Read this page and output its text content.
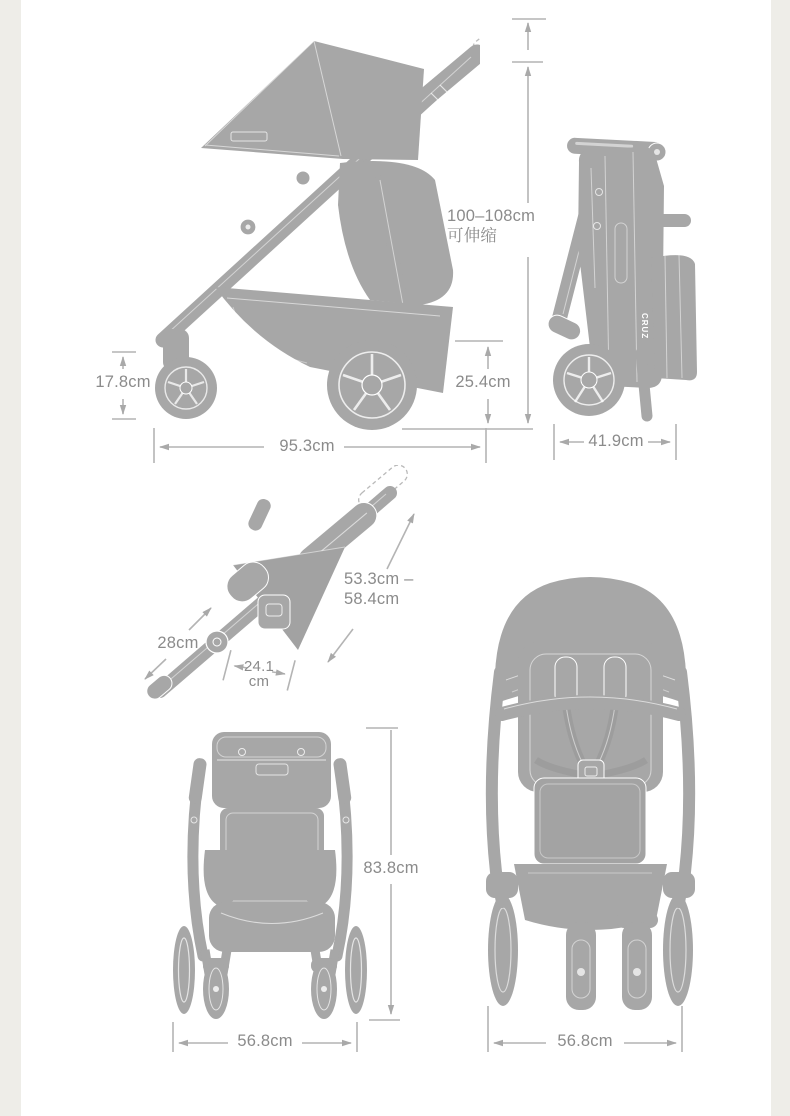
CRUZ
100–108cm
可伸缩
17.8cm
95.3cm
25.4cm
41.9cm
28cm
24.1
cm
53.3cm –
58.4cm
83.8cm
56.8cm	56.8cm
